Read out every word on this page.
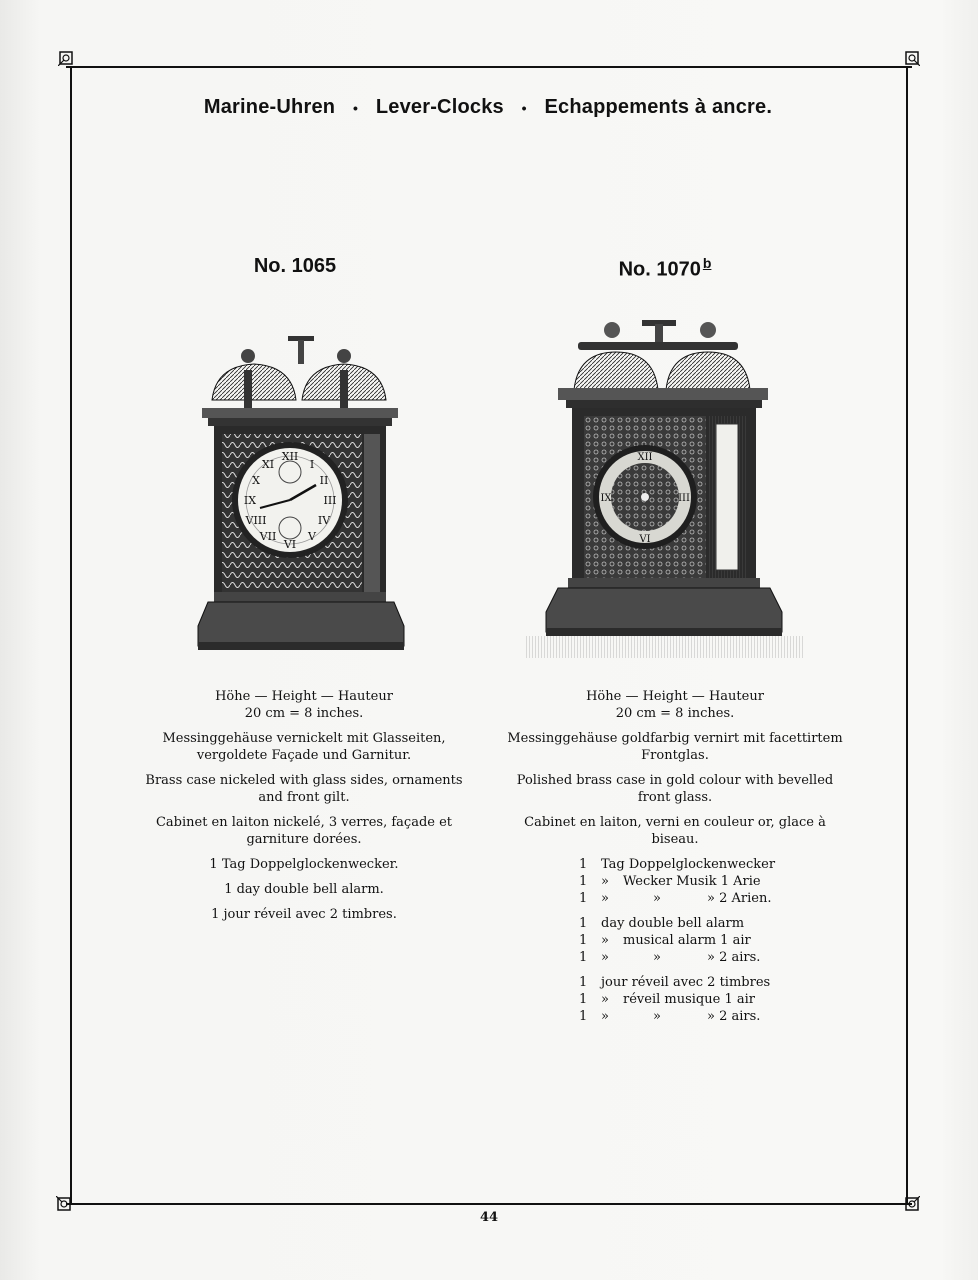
Marine-Uhren • Lever-Clocks • Echappements à ancre.
No. 1065	No. 1070 $^b$
XII
III
VI
IX
I
II
IV
V
VII
VIII
X
XI
XII
III
VI
IX
Höhe — Height — Hauteur
20 cm = 8 inches.

Messinggehäuse vernickelt mit Glasseiten, vergoldete Façade und Garnitur.

Brass case nickeled with glass sides, ornaments and front gilt.

Cabinet en laiton nickelé, 3 verres, façade et garniture dorées.

1 Tag Doppelglockenwecker.

1 day double bell alarm.

1 jour réveil avec 2 timbres.

Höhe — Height — Hauteur
20 cm = 8 inches.

Messinggehäuse goldfarbig vernirt mit facettirtem Frontglas.

Polished brass case in gold colour with bevelled front glass.

Cabinet en laiton, verni en couleur or, glace à biseau.

1	Tag Doppelglockenwecker
1	»	Wecker Musik 1 Arie
1	»	»	» 2 Arien.
1	day double bell alarm
1	»	musical alarm 1 air
1	»	»	» 2 airs.
1	jour réveil avec 2 timbres
1	»	réveil musique 1 air
1	»	»	» 2 airs.
44
